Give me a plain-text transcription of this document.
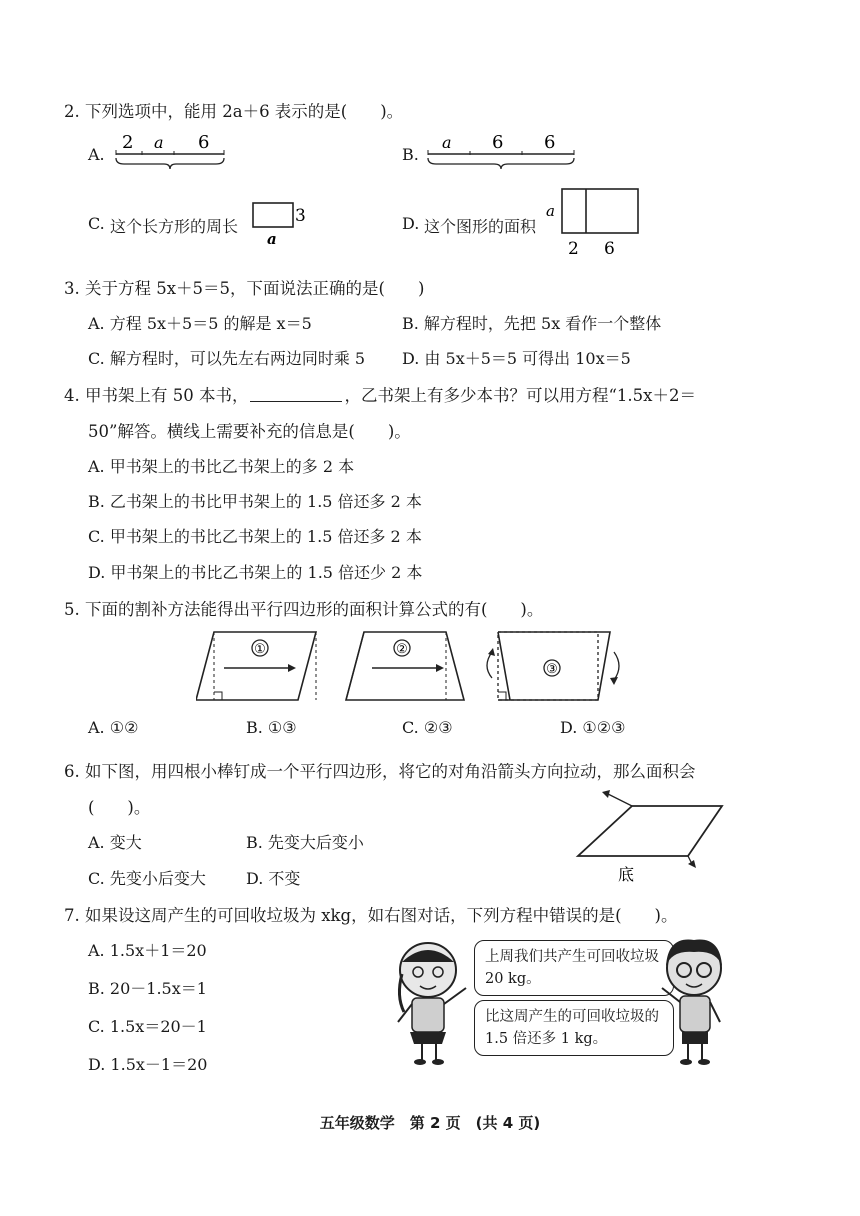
2. 下列选项中，能用 2a＋6 表示的是(　　)。
A.
2 a 6
B.
a 6 6
C. 这个长方形的周长
3
a
D. 这个图形的面积
a
2 6
3. 关于方程 5x＋5＝5，下面说法正确的是(　　)
A. 方程 5x＋5＝5 的解是 x＝5	B. 解方程时，先把 5x 看作一个整体
C. 解方程时，可以先左右两边同时乘 5 D. 由 5x＋5＝5 可得出 10x＝5
4. 甲书架上有 50 本书，	，乙书架上有多少本书？可以用方程“1.5x＋2＝
50”解答。横线上需要补充的信息是(　　)。
A. 甲书架上的书比乙书架上的多 2 本
B. 乙书架上的书比甲书架上的 1.5 倍还多 2 本
C. 甲书架上的书比乙书架上的 1.5 倍还多 2 本
D. 甲书架上的书比乙书架上的 1.5 倍还少 2 本
5. 下面的割补方法能得出平行四边形的面积计算公式的有(　　)。
①	②
③
A. ①②	B. ①③	C. ②③	D. ①②③
6. 如下图，用四根小棒钉成一个平行四边形，将它的对角沿箭头方向拉动，那么面积会
(　　)。
A. 变大	B. 先变大后变小
C. 先变小后变大	D. 不变	底
7. 如果设这周产生的可回收垃圾为 xkg，如右图对话，下列方程中错误的是(　　)。
A. 1.5x＋1＝20
B. 20－1.5x＝1
C. 1.5x＝20－1
D. 1.5x－1＝20
上周我们共产生可回收垃圾 20 kg。
比这周产生的可回收垃圾的 1.5 倍还多 1 kg。
五年级数学　第 2 页　(共 4 页)
